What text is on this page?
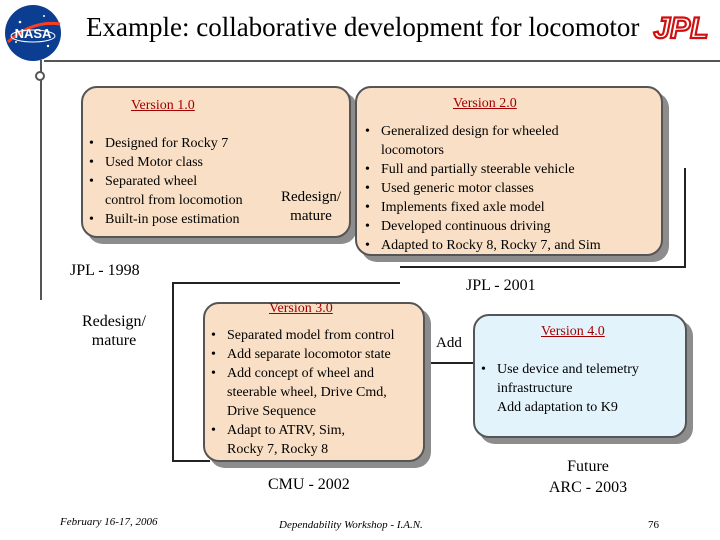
NASA Example: collaborative development for locomotor JPL
Version 1.0
• Designed for Rocky 7
• Used Motor class
• Separated wheel
control from locomotion
• Built-in pose estimation
Redesign/
mature
Version 2.0
• Generalized design for wheeled
locomotors
• Full and partially steerable vehicle
• Used generic motor classes
• Implements fixed axle model
• Developed continuous driving
• Adapted to Rocky 8, Rocky 7, and Sim
JPL - 1998
JPL - 2001
Redesign/
mature
Version 3.0
• Separated model from control
• Add separate locomotor state
• Add concept of wheel and
steerable wheel, Drive Cmd,
Drive Sequence
• Adapt to ATRV, Sim,
Rocky 7, Rocky 8
Add
Version 4.0
• Use device and telemetry
infrastructure
Add adaptation to K9
CMU - 2002
Future
ARC - 2003
February 16-17, 2006	Dependability Workshop - I.A.N.	76
